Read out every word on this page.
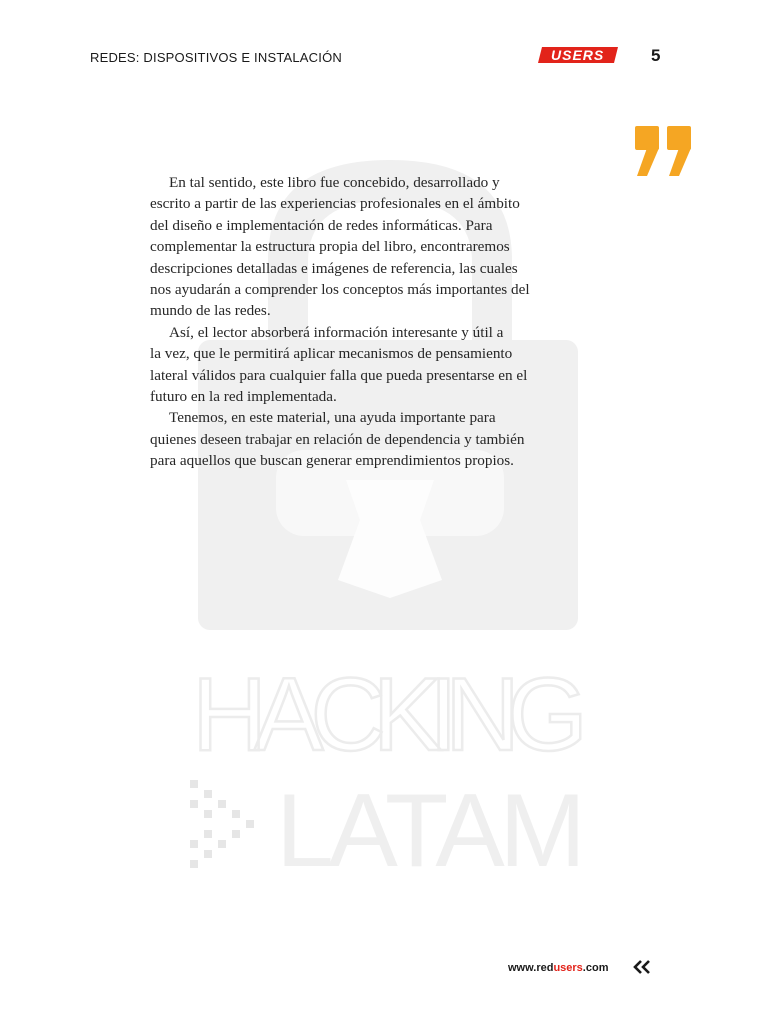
REDES: DISPOSITIVOS E INSTALACIÓN	USERS	5
HACKING
LATAM

En tal sentido, este libro fue concebido, desarrollado y
escrito a partir de las experiencias profesionales en el ámbito
del diseño e implementación de redes informáticas. Para
complementar la estructura propia del libro, encontraremos
descripciones detalladas e imágenes de referencia, las cuales
nos ayudarán a comprender los conceptos más importantes del
mundo de las redes.

Así, el lector absorberá información interesante y útil a
la vez, que le permitirá aplicar mecanismos de pensamiento
lateral válidos para cualquier falla que pueda presentarse en el
futuro en la red implementada.

Tenemos, en este material, una ayuda importante para
quienes deseen trabajar en relación de dependencia y también
para aquellos que buscan generar emprendimientos propios.

www.redusers.com
